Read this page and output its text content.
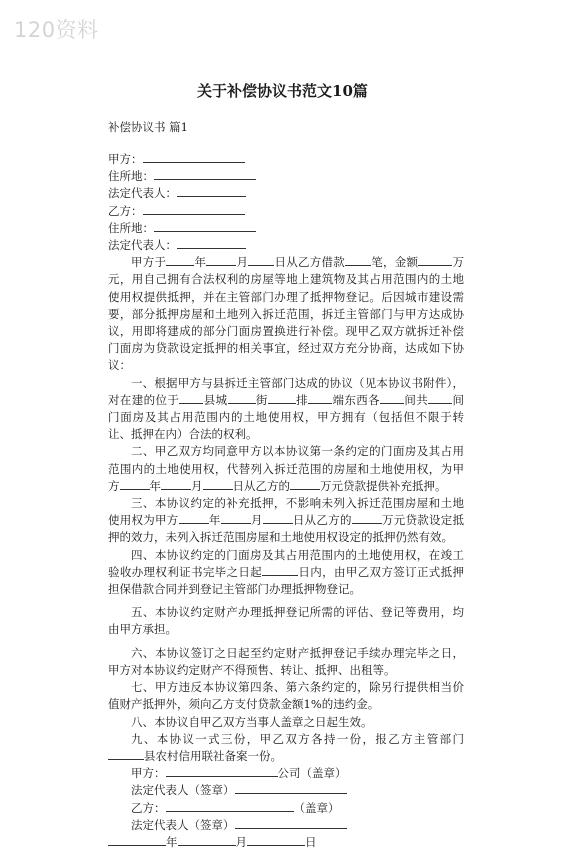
120资料
关于补偿协议书范文10篇
补偿协议书 篇1
甲方：
住所地：
法定代表人：
乙方：
住所地：
法定代表人：

甲方于 年	月 日从乙方借款 笔，金额	万元，用自己拥有合法权利的房屋等地上建筑物及其占用范围内的土地使用权提供抵押，并在主管部门办理了抵押物登记。后因城市建设需要，部分抵押房屋和土地列入拆迁范围，拆迁主管部门与甲方达成协议，用即将建成的部分门面房置换进行补偿。现甲乙双方就拆迁补偿门面房为贷款设定抵押的相关事宜，经过双方充分协商，达成如下协议：

一、根据甲方与县拆迁主管部门达成的协议（见本协议书附件），对在建的位于 县城 街 排 端东西各 间共 间门面房及其占用范围内的土地使用权，甲方拥有（包括但不限于转让、抵押在内）合法的权利。

二、甲乙双方均同意甲方以本协议第一条约定的门面房及其占用范围内的土地使用权，代替列入拆迁范围的房屋和土地使用权，为甲方	年	月	日从乙方的	万元贷款提供补充抵押。

三、本协议约定的补充抵押，不影响未列入拆迁范围房屋和土地使用权为甲方	年	月	日从乙方的	万元贷款设定抵押的效力，未列入拆迁范围房屋和土地使用权设定的抵押仍然有效。

四、本协议约定的门面房及其占用范围内的土地使用权，在竣工验收办理权利证书完毕之日起	日内，由甲乙双方签订正式抵押担保借款合同并到登记主管部门办理抵押物登记。

五、本协议约定财产办理抵押登记所需的评估、登记等费用，均由甲方承担。

六、本协议签订之日起至约定财产抵押登记手续办理完毕之日，甲方对本协议约定财产不得预售、转让、抵押、出租等。

七、甲方违反本协议第四条、第六条约定的，除另行提供相当价值财产抵押外，须向乙方支付贷款金额1%的违约金。

八、本协议自甲乙双方当事人盖章之日起生效。

九、本协议一式三份，甲乙双方各持一份，报乙方主管部门县农村信用联社备案一份。

甲方：	公司（盖章）
法定代表人（签章）
乙方：	（盖章）
法定代表人（签章）
年	月	日
